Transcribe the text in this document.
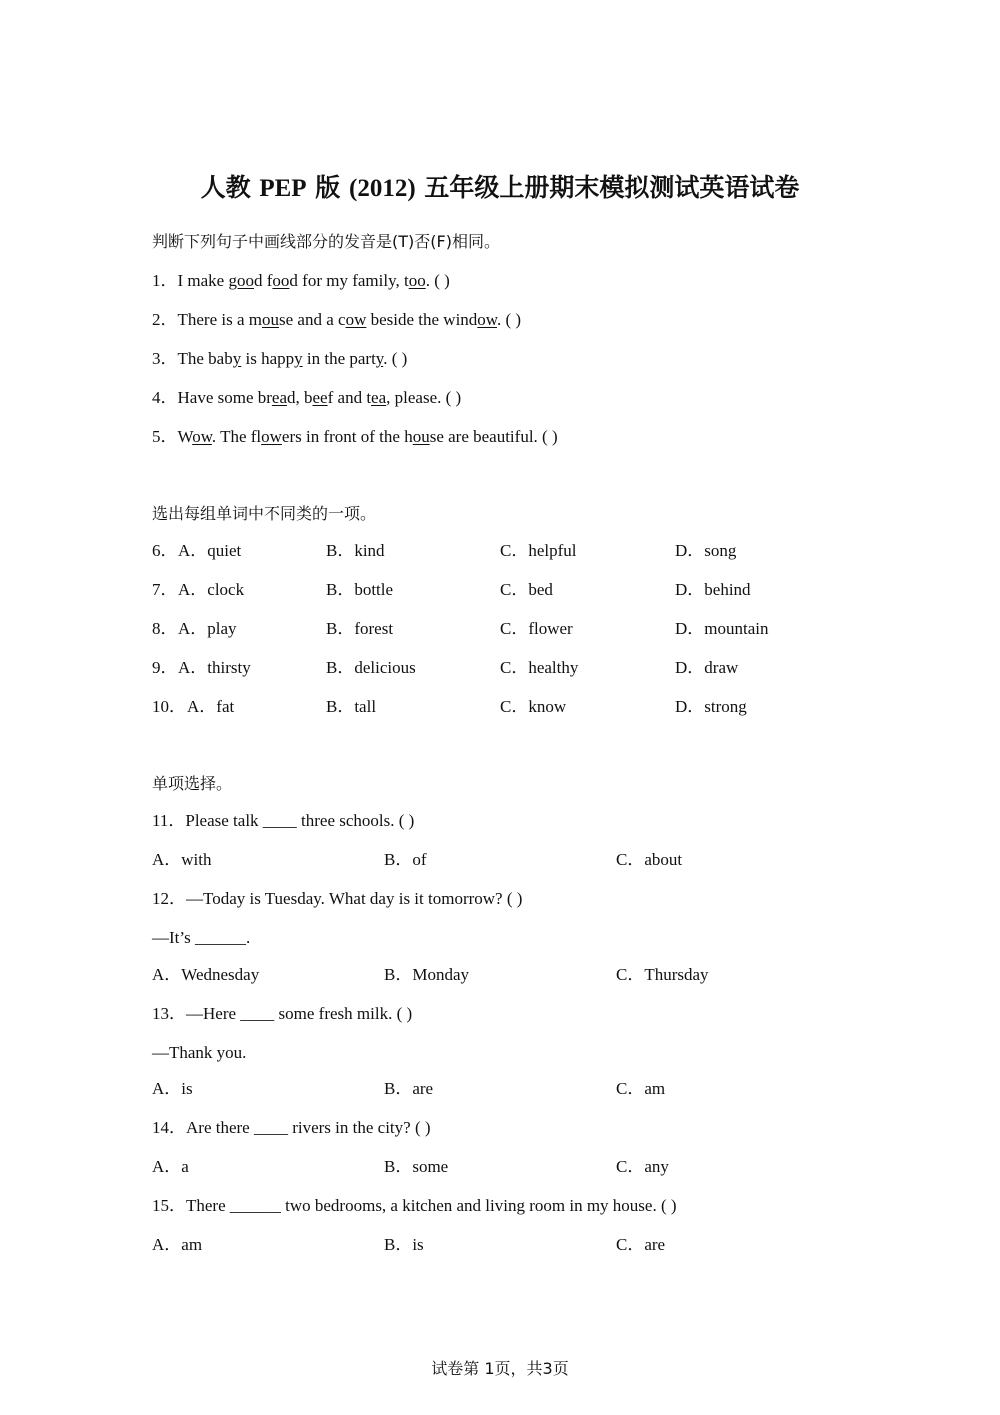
人教 PEP 版 (2012) 五年级上册期末模拟测试英语试卷
判断下列句子中画线部分的发音是(T)否(F)相同。
1．I make good food for my family, too. ( )
2．There is a mouse and a cow beside the window. ( )
3．The baby is happy in the party. ( )
4．Have some bread, beef and tea, please. ( )
5．Wow. The flowers in front of the house are beautiful. ( )
选出每组单词中不同类的一项。
6． A．quiet	B．kind	C．helpful	D．song
7． A．clock	B．bottle	C．bed	D．behind
8． A．play	B．forest	C．flower	D．mountain
9． A．thirsty	B．delicious	C．healthy	D．draw
10． A．fat	B．tall	C．know	D．strong
单项选择。
11．Please talk ____ three schools. ( )
A．with	B．of	C．about
12．—Today is Tuesday. What day is it tomorrow? ( )
—It’s ______.
A．Wednesday	B．Monday	C．Thursday
13．—Here ____ some fresh milk. ( )
—Thank you.
A．is	B．are	C．am
14．Are there ____ rivers in the city? ( )
A．a	B．some	C．any
15．There ______ two bedrooms, a kitchen and living room in my house. ( )
A．am	B．is	C．are
试卷第 1页，共3页
